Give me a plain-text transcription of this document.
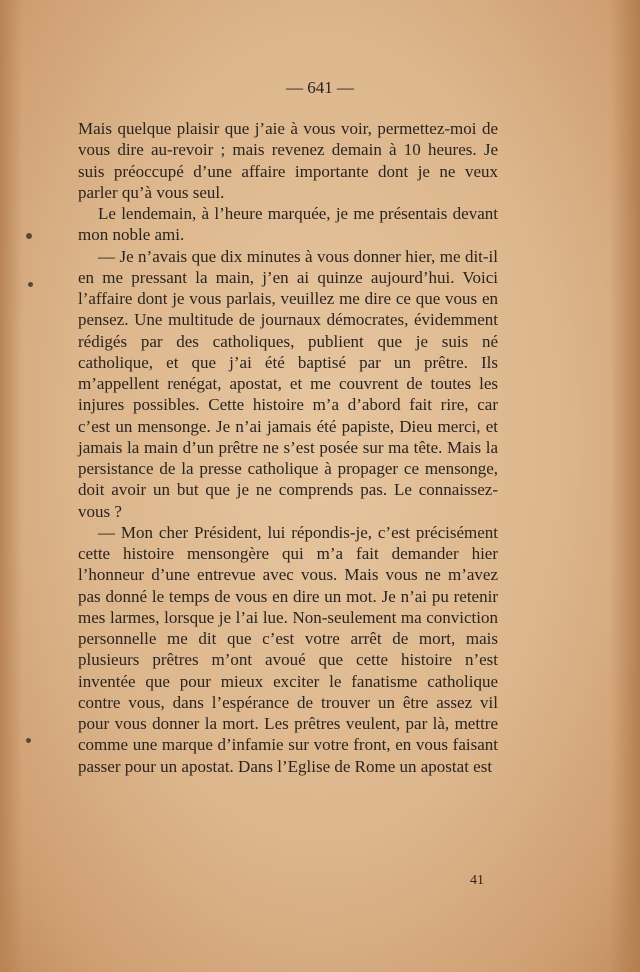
— 641 —

Mais quelque plaisir que j’aie à vous voir, permettez-moi de vous dire au-revoir ; mais revenez demain à 10 heures. Je suis préoccupé d’une affaire importante dont je ne veux parler qu’à vous seul.

Le lendemain, à l’heure marquée, je me présentais devant mon noble ami.

— Je n’avais que dix minutes à vous donner hier, me dit-il en me pressant la main, j’en ai quinze aujourd’hui. Voici l’affaire dont je vous parlais, veuillez me dire ce que vous en pensez. Une multitude de journaux démocrates, évidemment rédigés par des catholiques, publient que je suis né catholique, et que j’ai été baptisé par un prêtre. Ils m’appellent renégat, apostat, et me couvrent de toutes les injures possibles. Cette histoire m’a d’abord fait rire, car c’est un mensonge. Je n’ai jamais été papiste, Dieu merci, et jamais la main d’un prêtre ne s’est posée sur ma tête. Mais la persistance de la presse catholique à propager ce mensonge, doit avoir un but que je ne comprends pas. Le connaissez-vous ?

— Mon cher Président, lui répondis-je, c’est précisément cette histoire mensongère qui m’a fait demander hier l’honneur d’une entrevue avec vous. Mais vous ne m’avez pas donné le temps de vous en dire un mot. Je n’ai pu retenir mes larmes, lorsque je l’ai lue. Non-seulement ma conviction personnelle me dit que c’est votre arrêt de mort, mais plusieurs prêtres m’ont avoué que cette histoire n’est inventée que pour mieux exciter le fanatisme catholique contre vous, dans l’espérance de trouver un être assez vil pour vous donner la mort. Les prêtres veulent, par là, mettre comme une marque d’infamie sur votre front, en vous faisant passer pour un apostat. Dans l’Eglise de Rome un apostat est

41
